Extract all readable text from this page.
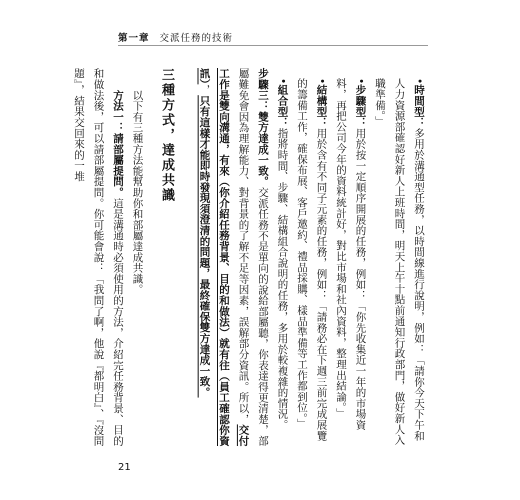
第一章 交派任務的技術

•時間型：多用於溝通型任務，以時間線進行說明，例如：「請你今天下午和人力資源部確認好新人上班時間，明天上午十點前通知行政部門，做好新人入職準備。」

•步驟型：用於按一定順序開展的任務，例如：「你先收集近一年的市場資料，再把公司今年的資料統計好，對比市場和社內資料，整理出結論。」

•結構型：用於含有不同子元素的任務，例如：「請務必在下週三前完成展覽的籌備工作，確保布展、客戶邀約、禮品採購、樣品準備等工作都到位。」

•組合型：指將時間、步驟、結構組合說明的任務，多用於較複雜的情況。

步驟三：雙方達成一致。交派任務不是單向的說給部屬聽，你表達得更清楚，部屬難免會因為理解能力、對背景的了解不足等因素，誤解部分資訊。所以，交付工作是雙向溝通，有來（你介紹任務背景、目的和做法）就有往（員工確認你資訊），只有這樣才能即時發現須澄清的問題，最終確保雙方達成一致。

三種方式，達成共識

　　以下有三種方法能幫助你和部屬達成共識。

　　方法一：請部屬提問。這是溝通時必須使用的方法，介紹完任務背景、目的和做法後，可以請部屬提問。你可能會說：「我問了啊，他說『都明白』、『沒問題』，結果交回來的一堆

21
